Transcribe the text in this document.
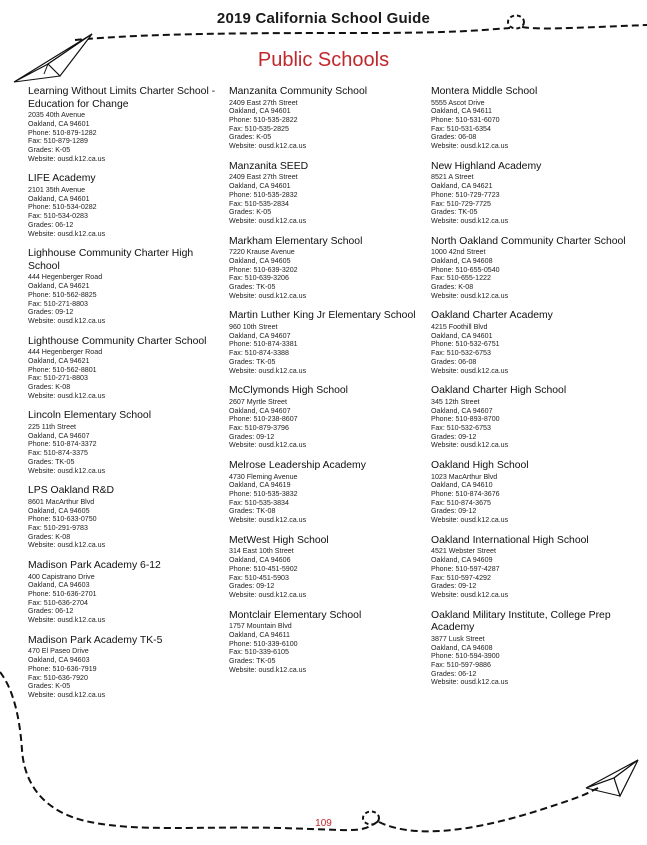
2019 California School Guide
Public Schools
Learning Without Limits Charter School - Education for Change
2035 40th Avenue
Oakland, CA 94601
Phone: 510-879-1282
Fax: 510-879-1289
Grades: K-05
Website: ousd.k12.ca.us
LIFE Academy
2101 35th Avenue
Oakland, CA 94601
Phone: 510-534-0282
Fax: 510-534-0283
Grades: 06-12
Website: ousd.k12.ca.us
Lighhouse Community Charter High School
444 Hegenberger Road
Oakland, CA 94621
Phone: 510-562-8825
Fax: 510-271-8803
Grades: 09-12
Website: ousd.k12.ca.us
Lighthouse Community Charter School
444 Hegenberger Road
Oakland, CA 94621
Phone: 510-562-8801
Fax: 510-271-8803
Grades: K-08
Website: ousd.k12.ca.us
Lincoln Elementary School
225 11th Street
Oakland, CA 94607
Phone: 510-874-3372
Fax: 510-874-3375
Grades: TK-05
Website: ousd.k12.ca.us
LPS Oakland R&D
8601 MacArthur Blvd
Oakland, CA 94605
Phone: 510-633-0750
Fax: 510-291-9783
Grades: K-08
Website: ousd.k12.ca.us
Madison Park Academy 6-12
400 Capistrano Drive
Oakland, CA 94603
Phone: 510-636-2701
Fax: 510-636-2704
Grades: 06-12
Website: ousd.k12.ca.us
Madison Park Academy TK-5
470 El Paseo Drive
Oakland, CA 94603
Phone: 510-636-7919
Fax: 510-636-7920
Grades: K-05
Website: ousd.k12.ca.us
Manzanita Community School
2409 East 27th Street
Oakland, CA 94601
Phone: 510-535-2822
Fax: 510-535-2825
Grades: K-05
Website: ousd.k12.ca.us
Manzanita SEED
2409 East 27th Street
Oakland, CA 94601
Phone: 510-535-2832
Fax: 510-535-2834
Grades: K-05
Website: ousd.k12.ca.us
Markham Elementary School
7220 Krause Avenue
Oakland, CA 94605
Phone: 510-639-3202
Fax: 510-639-3206
Grades: TK-05
Website: ousd.k12.ca.us
Martin Luther King Jr Elementary School
960 10th Street
Oakland, CA 94607
Phone: 510-874-3381
Fax: 510-874-3388
Grades: TK-05
Website: ousd.k12.ca.us
McClymonds High School
2607 Myrtle Street
Oakland, CA 94607
Phone: 510-238-8607
Fax: 510-879-3796
Grades: 09-12
Website: ousd.k12.ca.us
Melrose Leadership Academy
4730 Fleming Avenue
Oakland, CA 94619
Phone: 510-535-3832
Fax: 510-535-3834
Grades: TK-08
Website: ousd.k12.ca.us
MetWest High School
314 East 10th Street
Oakland, CA 94606
Phone: 510-451-5902
Fax: 510-451-5903
Grades: 09-12
Website: ousd.k12.ca.us
Montclair Elementary School
1757 Mountain Blvd
Oakland, CA 94611
Phone: 510-339-6100
Fax: 510-339-6105
Grades: TK-05
Website: ousd.k12.ca.us
Montera Middle School
5555 Ascot Drive
Oakland, CA 94611
Phone: 510-531-6070
Fax: 510-531-6354
Grades: 06-08
Website: ousd.k12.ca.us
New Highland Academy
8521 A Street
Oakland, CA 94621
Phone: 510-729-7723
Fax: 510-729-7725
Grades: TK-05
Website: ousd.k12.ca.us
North Oakland Community Charter School
1000 42nd Street
Oakland, CA 94608
Phone: 510-655-0540
Fax: 510-655-1222
Grades: K-08
Website: ousd.k12.ca.us
Oakland Charter Academy
4215 Foothill Blvd
Oakland, CA 94601
Phone: 510-532-6751
Fax: 510-532-6753
Grades: 06-08
Website: ousd.k12.ca.us
Oakland Charter High School
345 12th Street
Oakland, CA 94607
Phone: 510-893-8700
Fax: 510-532-6753
Grades: 09-12
Website: ousd.k12.ca.us
Oakland High School
1023 MacArthur Blvd
Oakland, CA 94610
Phone: 510-874-3676
Fax: 510-874-3675
Grades: 09-12
Website: ousd.k12.ca.us
Oakland International High School
4521 Webster Street
Oakland, CA 94609
Phone: 510-597-4287
Fax: 510-597-4292
Grades: 09-12
Website: ousd.k12.ca.us
Oakland Military Institute, College Prep Academy
3877 Lusk Street
Oakland, CA 94608
Phone: 510-594-3900
Fax: 510-597-9886
Grades: 06-12
Website: ousd.k12.ca.us
109
